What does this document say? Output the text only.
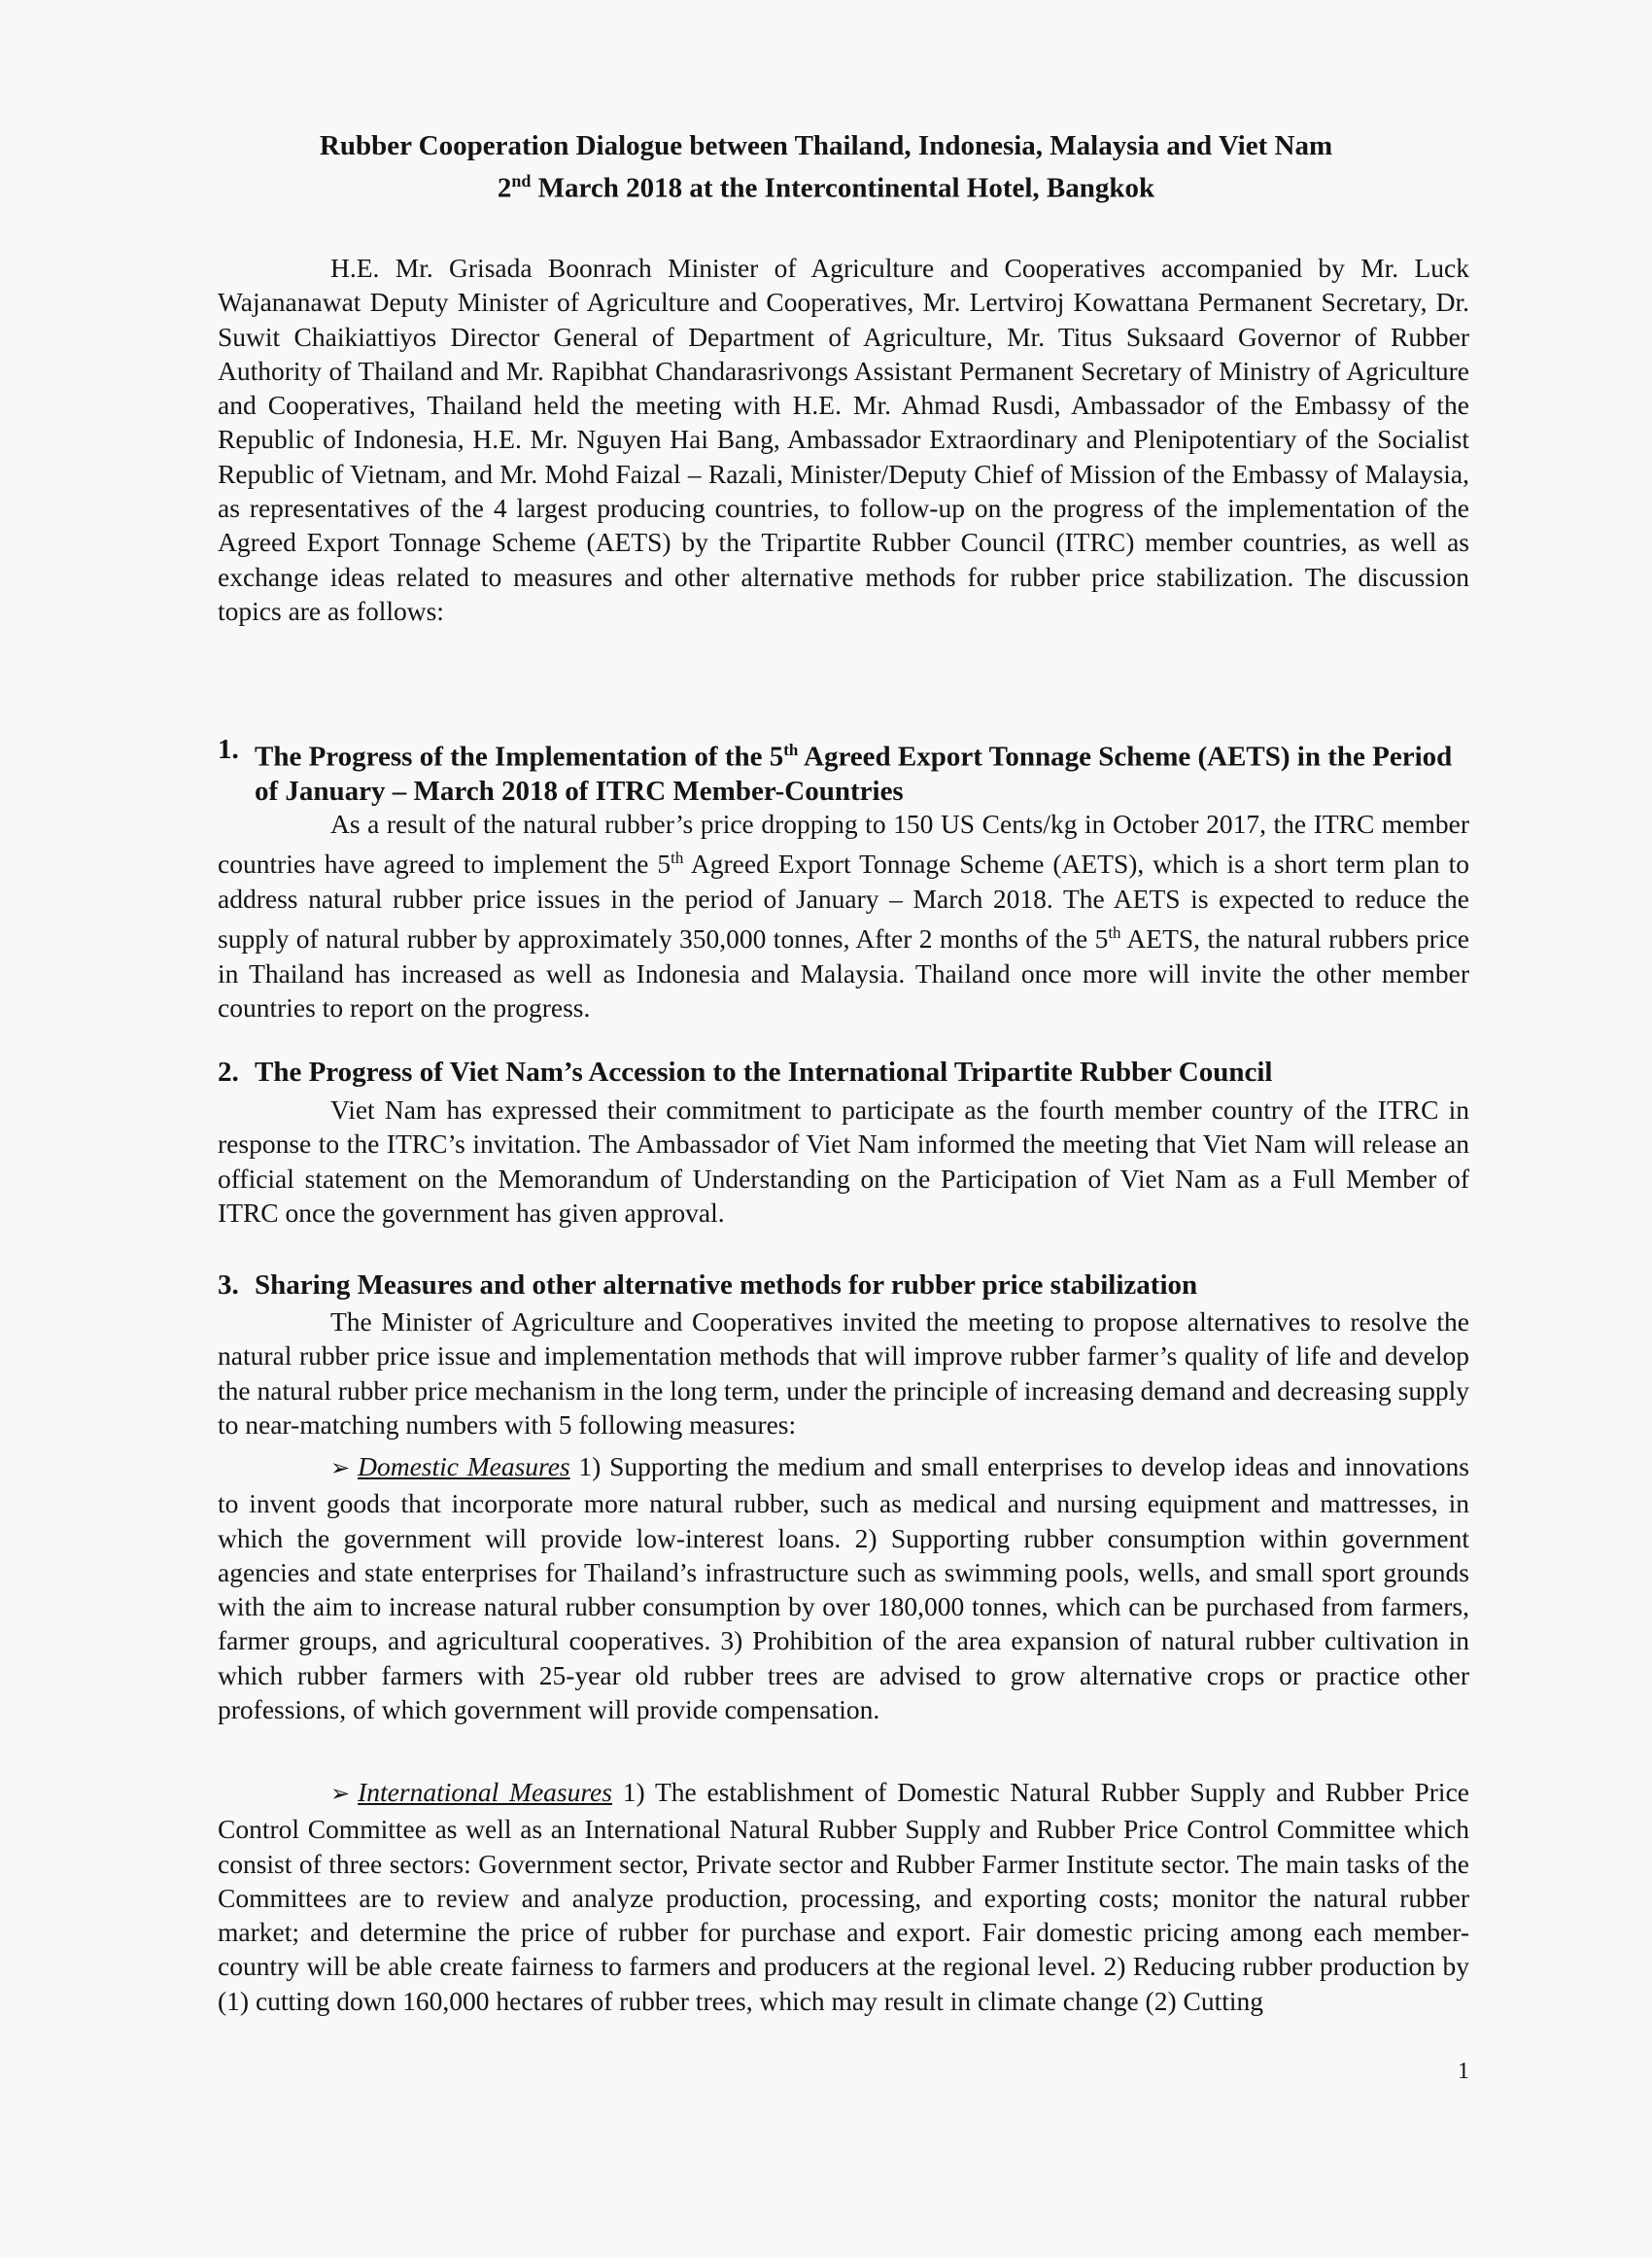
Rubber Cooperation Dialogue between Thailand, Indonesia, Malaysia and Viet Nam
2nd March 2018 at the Intercontinental Hotel, Bangkok

H.E. Mr. Grisada Boonrach Minister of Agriculture and Cooperatives accompanied by Mr. Luck Wajananawat Deputy Minister of Agriculture and Cooperatives, Mr. Lertviroj Kowattana Permanent Secretary, Dr. Suwit Chaikiattiyos Director General of Department of Agriculture, Mr. Titus Suksaard Governor of Rubber Authority of Thailand and Mr. Rapibhat Chandarasrivongs Assistant Permanent Secretary of Ministry of Agriculture and Cooperatives, Thailand held the meeting with H.E. Mr. Ahmad Rusdi, Ambassador of the Embassy of the Republic of Indonesia, H.E. Mr. Nguyen Hai Bang, Ambassador Extraordinary and Plenipotentiary of the Socialist Republic of Vietnam, and Mr. Mohd Faizal – Razali, Minister/Deputy Chief of Mission of the Embassy of Malaysia, as representatives of the 4 largest producing countries, to follow-up on the progress of the implementation of the Agreed Export Tonnage Scheme (AETS) by the Tripartite Rubber Council (ITRC) member countries, as well as exchange ideas related to measures and other alternative methods for rubber price stabilization. The discussion topics are as follows:

1. The Progress of the Implementation of the 5th Agreed Export Tonnage Scheme (AETS) in the Period of January – March 2018 of ITRC Member-Countries

As a result of the natural rubber’s price dropping to 150 US Cents/kg in October 2017, the ITRC member countries have agreed to implement the 5th Agreed Export Tonnage Scheme (AETS), which is a short term plan to address natural rubber price issues in the period of January – March 2018. The AETS is expected to reduce the supply of natural rubber by approximately 350,000 tonnes, After 2 months of the 5th AETS, the natural rubbers price in Thailand has increased as well as Indonesia and Malaysia. Thailand once more will invite the other member countries to report on the progress.

2. The Progress of Viet Nam’s Accession to the International Tripartite Rubber Council

Viet Nam has expressed their commitment to participate as the fourth member country of the ITRC in response to the ITRC’s invitation. The Ambassador of Viet Nam informed the meeting that Viet Nam will release an official statement on the Memorandum of Understanding on the Participation of Viet Nam as a Full Member of ITRC once the government has given approval.

3. Sharing Measures and other alternative methods for rubber price stabilization

The Minister of Agriculture and Cooperatives invited the meeting to propose alternatives to resolve the natural rubber price issue and implementation methods that will improve rubber farmer’s quality of life and develop the natural rubber price mechanism in the long term, under the principle of increasing demand and decreasing supply to near-matching numbers with 5 following measures:

➢ Domestic Measures 1) Supporting the medium and small enterprises to develop ideas and innovations to invent goods that incorporate more natural rubber, such as medical and nursing equipment and mattresses, in which the government will provide low-interest loans. 2) Supporting rubber consumption within government agencies and state enterprises for Thailand’s infrastructure such as swimming pools, wells, and small sport grounds with the aim to increase natural rubber consumption by over 180,000 tonnes, which can be purchased from farmers, farmer groups, and agricultural cooperatives. 3) Prohibition of the area expansion of natural rubber cultivation in which rubber farmers with 25-year old rubber trees are advised to grow alternative crops or practice other professions, of which government will provide compensation.

➢ International Measures 1) The establishment of Domestic Natural Rubber Supply and Rubber Price Control Committee as well as an International Natural Rubber Supply and Rubber Price Control Committee which consist of three sectors: Government sector, Private sector and Rubber Farmer Institute sector. The main tasks of the Committees are to review and analyze production, processing, and exporting costs; monitor the natural rubber market; and determine the price of rubber for purchase and export. Fair domestic pricing among each member-country will be able create fairness to farmers and producers at the regional level. 2) Reducing rubber production by (1) cutting down 160,000 hectares of rubber trees, which may result in climate change (2) Cutting

1
